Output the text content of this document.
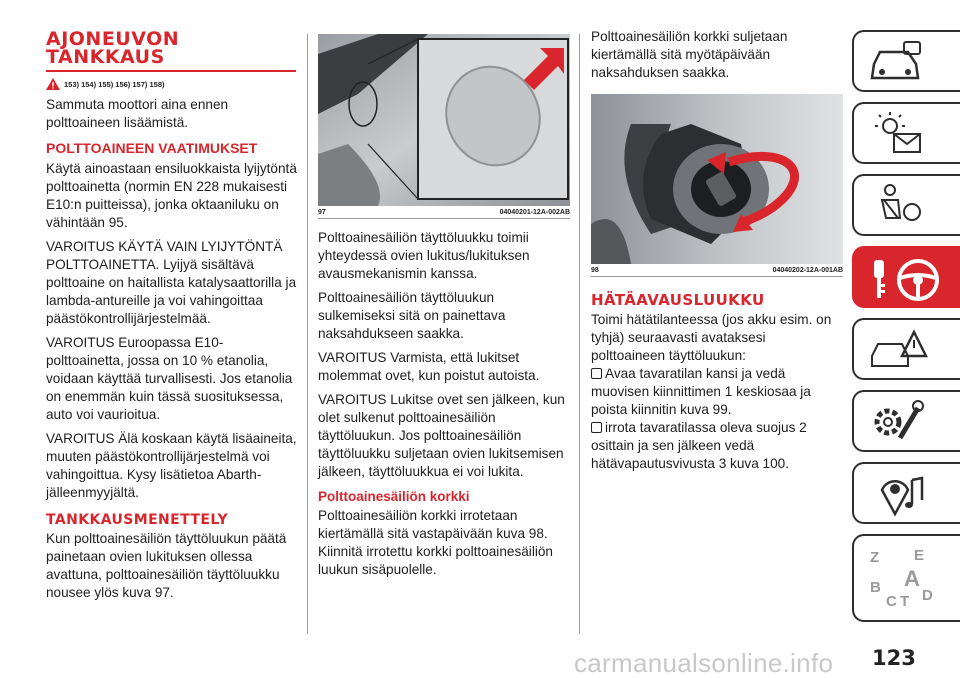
AJONEUVON
TANKKAUS
153) 154) 155) 156) 157) 158)

Sammuta moottori aina ennen polttoaineen lisäämistä.

POLTTOAINEEN VAATIMUKSET

Käytä ainoastaan ensiluokkaista lyijytöntä polttoainetta (normin EN 228 mukaisesti E10:n puitteissa), jonka oktaaniluku on vähintään 95.

VAROITUS KÄYTÄ VAIN LYIJYTÖNTÄ POLTTOAINETTA. Lyijyä sisältävä polttoaine on haitallista katalysaattorilla ja lambda-antureille ja voi vahingoittaa päästökontrollijärjestelmää.

VAROITUS Euroopassa E10-polttoainetta, jossa on 10 % etanolia, voidaan käyttää turvallisesti. Jos etanolia on enemmän kuin tässä suosituksessa, auto voi vaurioitua.

VAROITUS Älä koskaan käytä lisäaineita, muuten päästökontrollijärjestelmä voi vahingoittua. Kysy lisätietoa Abarth-jälleenmyyjältä.

TANKKAUSMENETTELY

Kun polttoainesäiliön täyttöluukun päätä painetaan ovien lukituksen ollessa avattuna, polttoainesäiliön täyttöluukku nousee ylös kuva 97.

97	04040201-12A-002AB

Polttoainesäiliön täyttöluukku toimii yhteydessä ovien lukitus/lukituksen avausmekanismin kanssa.

Polttoainesäiliön täyttöluukun sulkemiseksi sitä on painettava naksahdukseen saakka.

VAROITUS Varmista, että lukitset molemmat ovet, kun poistut autoista.

VAROITUS Lukitse ovet sen jälkeen, kun olet sulkenut polttoainesäiliön täyttöluukun. Jos polttoainesäiliön täyttöluukku suljetaan ovien lukitsemisen jälkeen, täyttöluukkua ei voi lukita.

Polttoainesäiliön korkki

Polttoainesäiliön korkki irrotetaan kiertämällä sitä vastapäivään kuva 98. Kiinnitä irrotettu korkki polttoainesäiliön luukun sisäpuolelle.

Polttoainesäiliön korkki suljetaan kiertämällä sitä myötäpäivään naksahduksen saakka.

98	04040202-12A-001AB
HÄTÄAVAUSLUUKKU

Toimi hätätilanteessa (jos akku esim. on tyhjä) seuraavasti avataksesi polttoaineen täyttöluukun:

Avaa tavaratilan kansi ja vedä muovisen kiinnittimen 1 keskiosaa ja poista kiinnitin kuva 99.

irrota tavaratilassa oleva suojus 2 osittain ja sen jälkeen vedä hätävapautusvivusta 3 kuva 100.

Z E
B A
C T D
carmanualsonline.info 123
